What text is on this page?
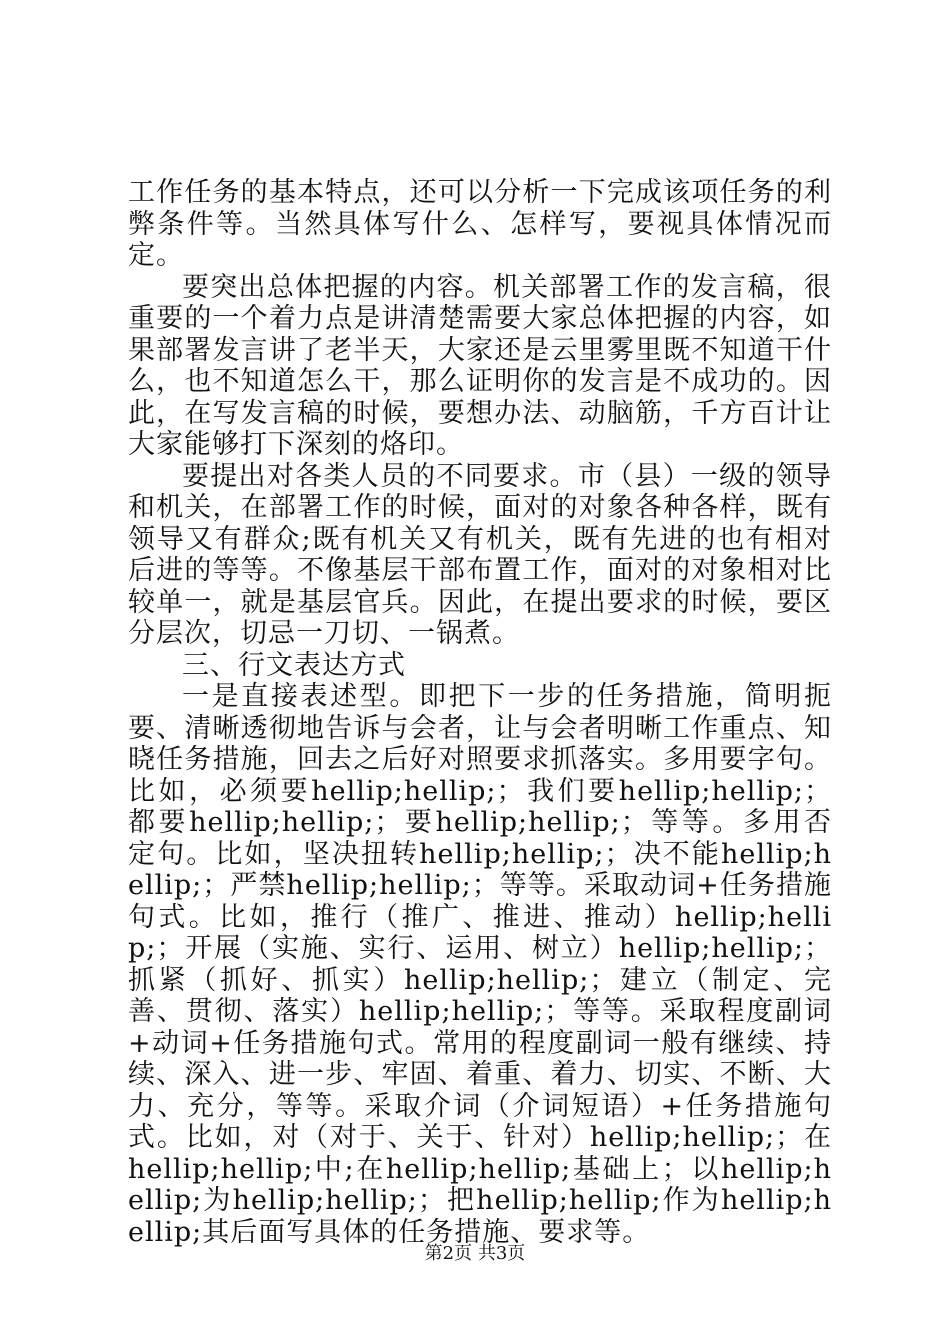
工作任务的基本特点，还可以分析一下完成该项任务的利弊条件等。当然具体写什么、怎样写，要视具体情况而定。

要突出总体把握的内容。机关部署工作的发言稿，很重要的一个着力点是讲清楚需要大家总体把握的内容，如果部署发言讲了老半天，大家还是云里雾里既不知道干什么，也不知道怎么干，那么证明你的发言是不成功的。因此，在写发言稿的时候，要想办法、动脑筋，千方百计让大家能够打下深刻的烙印。

要提出对各类人员的不同要求。市（县）一级的领导和机关，在部署工作的时候，面对的对象各种各样，既有领导又有群众;既有机关又有机关，既有先进的也有相对后进的等等。不像基层干部布置工作，面对的对象相对比较单一，就是基层官兵。因此，在提出要求的时候，要区分层次，切忌一刀切、一锅煮。

三、行文表达方式

一是直接表述型。即把下一步的任务措施，简明扼要、清晰透彻地告诉与会者，让与会者明晰工作重点、知晓任务措施，回去之后好对照要求抓落实。多用要字句。比如，必须要hellip;hellip;；我们要hellip;hellip;；都要hellip;hellip;；要hellip;hellip;；等等。多用否定句。比如，坚决扭转hellip;hellip;；决不能hellip;hellip;；严禁hellip;hellip;；等等。采取动词+任务措施句式。比如，推行（推广、推进、推动）hellip;hellip;；开展（实施、实行、运用、树立）hellip;hellip;；抓紧（抓好、抓实）hellip;hellip;；建立（制定、完善、贯彻、落实）hellip;hellip;；等等。采取程度副词+动词+任务措施句式。常用的程度副词一般有继续、持续、深入、进一步、牢固、着重、着力、切实、不断、大力、充分，等等。采取介词（介词短语）+任务措施句式。比如，对（对于、关于、针对）hellip;hellip;；在hellip;hellip;中;在hellip;hellip;基础上；以hellip;hellip;为hellip;hellip;；把hellip;hellip;作为hellip;hellip;其后面写具体的任务措施、要求等。

第2页 共3页
